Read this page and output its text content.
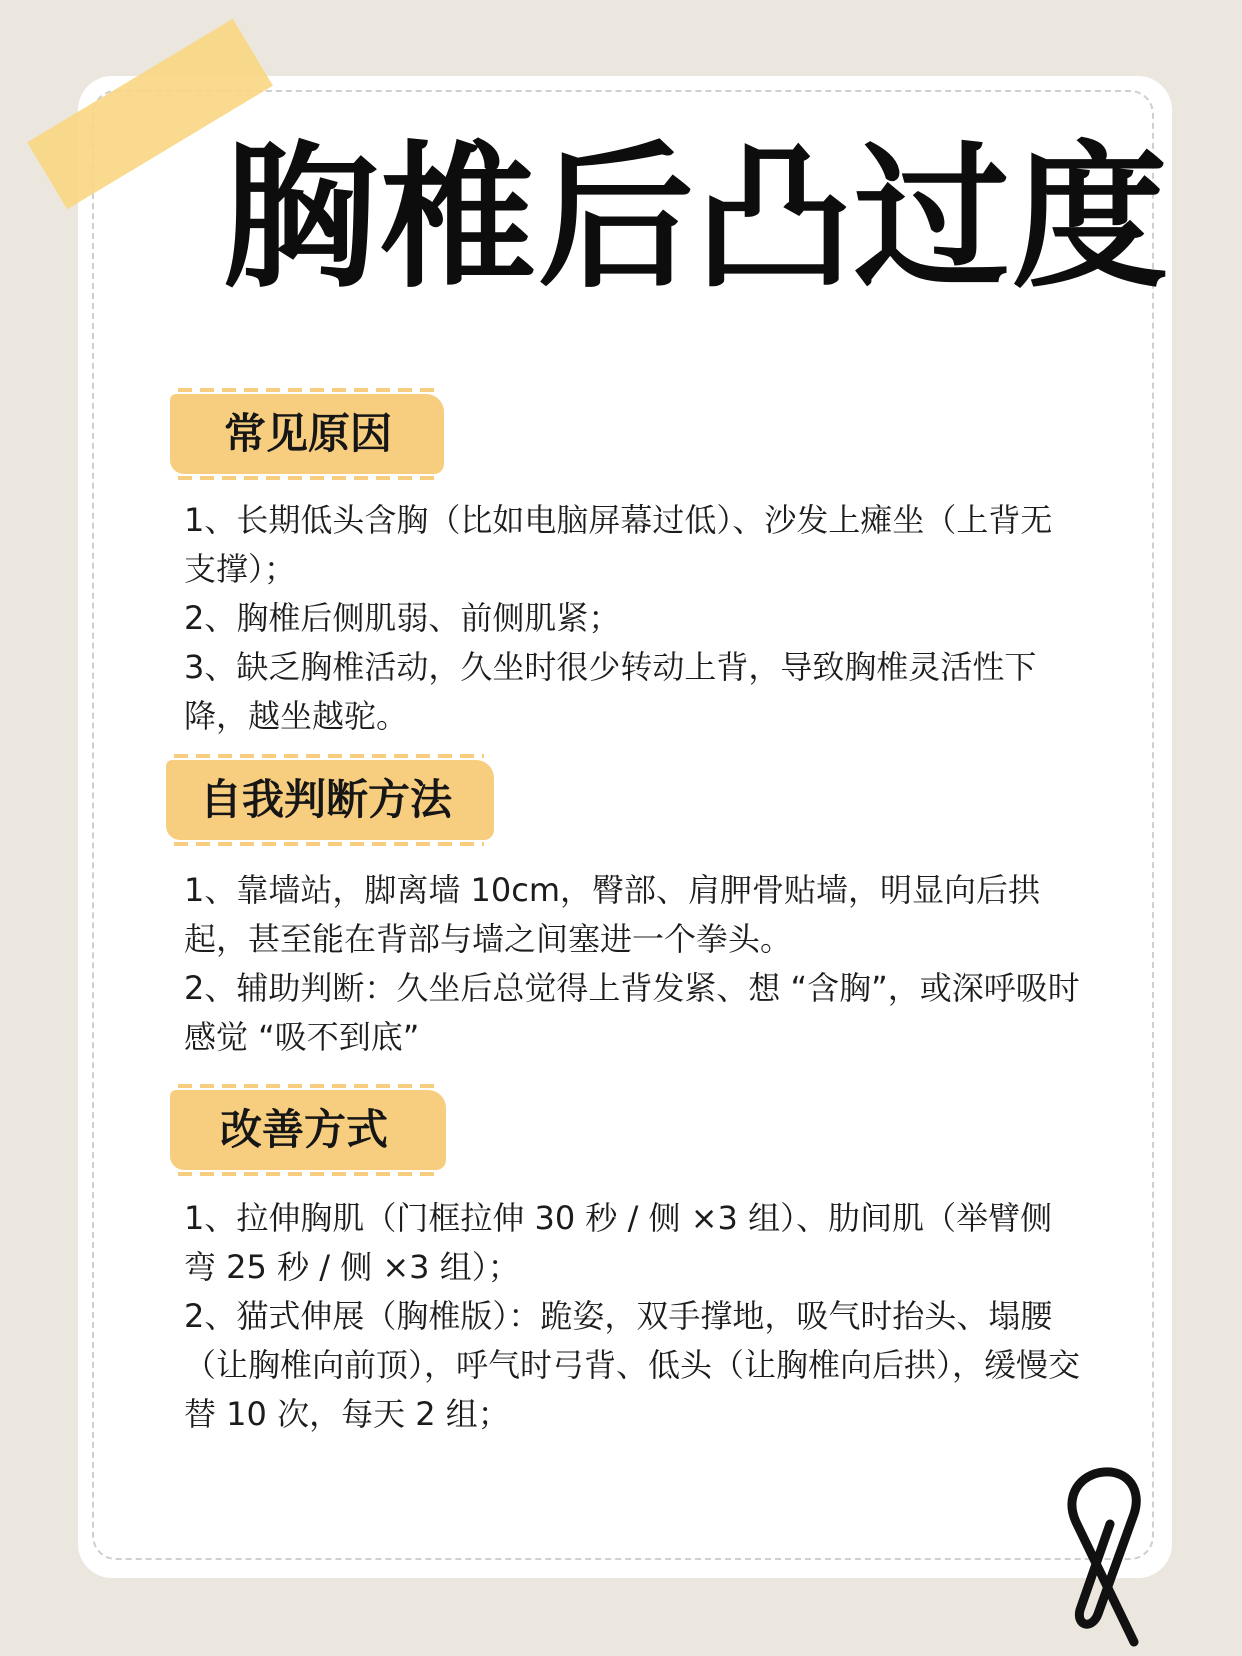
胸椎后凸过度
常见原因

1、长期低头含胸（比如电脑屏幕过低）、沙发上瘫坐（上背无支撑）；

2、胸椎后侧肌弱、前侧肌紧；

3、缺乏胸椎活动，久坐时很少转动上背，导致胸椎灵活性下降，越坐越驼。

自我判断方法

1、靠墙站，脚离墙 10cm，臀部、肩胛骨贴墙，明显向后拱起，甚至能在背部与墙之间塞进一个拳头。

2、辅助判断：久坐后总觉得上背发紧、想 “含胸”，或深呼吸时感觉 “吸不到底”

改善方式

1、拉伸胸肌（门框拉伸 30 秒 / 侧 ×3 组）、肋间肌（举臂侧弯 25 秒 / 侧 ×3 组）；

2、猫式伸展（胸椎版）：跪姿，双手撑地，吸气时抬头、塌腰（让胸椎向前顶），呼气时弓背、低头（让胸椎向后拱），缓慢交替 10 次，每天 2 组；
